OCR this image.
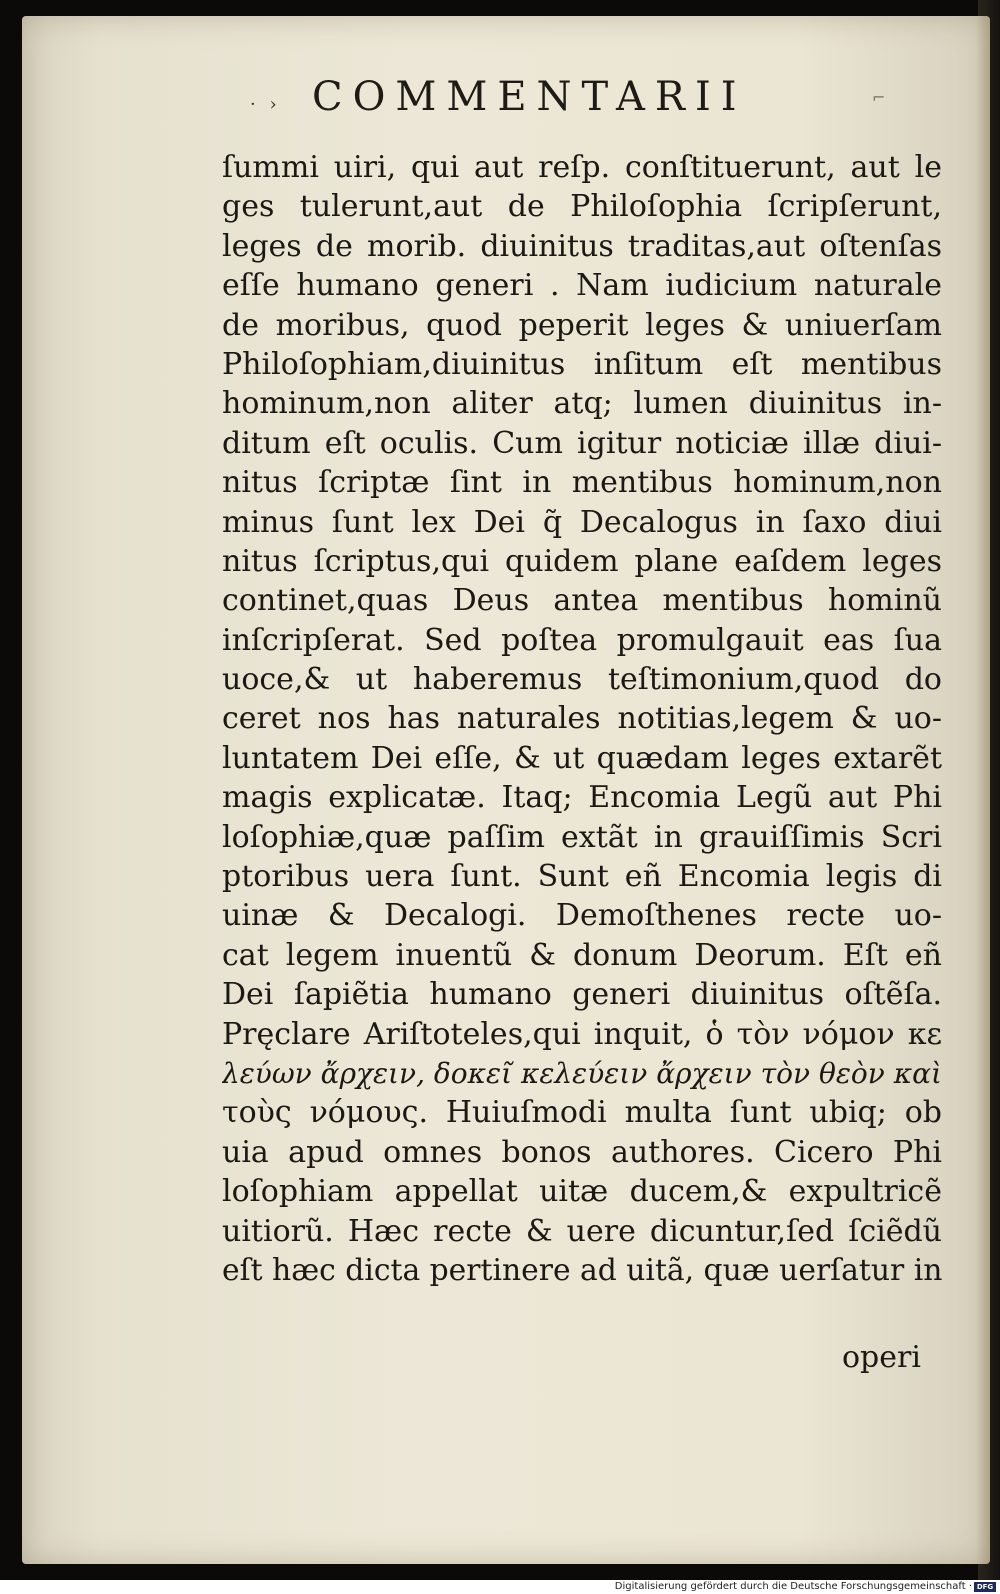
· › COMMENTARII	⌐
ſummi uiri, qui aut reſp. conſtituerunt, aut le
ges tulerunt,aut de Philoſophia ſcripſerunt,
leges de morib. diuinitus traditas,aut oſtenſas
eſſe humano generi . Nam iudicium naturale
de moribus, quod peperit leges & uniuerſam
Philoſophiam,diuinitus inſitum eſt mentibus
hominum,non aliter atq; lumen diuinitus in-
ditum eſt oculis. Cum igitur noticiæ illæ diui-
nitus ſcriptæ ſint in mentibus hominum,non
minus ſunt lex Dei q̃ Decalogus in ſaxo diui
nitus ſcriptus,qui quidem plane eaſdem leges
continet,quas Deus antea mentibus hominũ
inſcripſerat. Sed poſtea promulgauit eas ſua
uoce,& ut haberemus teſtimonium,quod do
ceret nos has naturales notitias,legem & uo-
luntatem Dei eſſe, & ut quædam leges extarẽt
magis explicatæ. Itaq; Encomia Legũ aut Phi
loſophiæ,quæ paſſim extãt in grauiſſimis Scri
ptoribus uera ſunt. Sunt eñ Encomia legis di
uinæ & Decalogi. Demoſthenes recte uo-
cat legem inuentũ & donum Deorum. Eſt eñ
Dei ſapiẽtia humano generi diuinitus oſtẽſa.
Pręclare Ariſtoteles,qui inquit, ὁ τὸν νόμον κε
λεύων ἄρχειν, δοκεῖ κελεύειν ἄρχειν τὸν θεὸν καὶ
τοὺς νόμους. Huiuſmodi multa ſunt ubiq; ob
uia apud omnes bonos authores. Cicero Phi
loſophiam appellat uitæ ducem,& expultricẽ
uitiorũ. Hæc recte & uere dicuntur,ſed ſciẽdũ
eſt hæc dicta pertinere ad uitã, quæ uerſatur in
operi
Digitalisierung gefördert durch die Deutsche Forschungsgemeinschaft · DFG
